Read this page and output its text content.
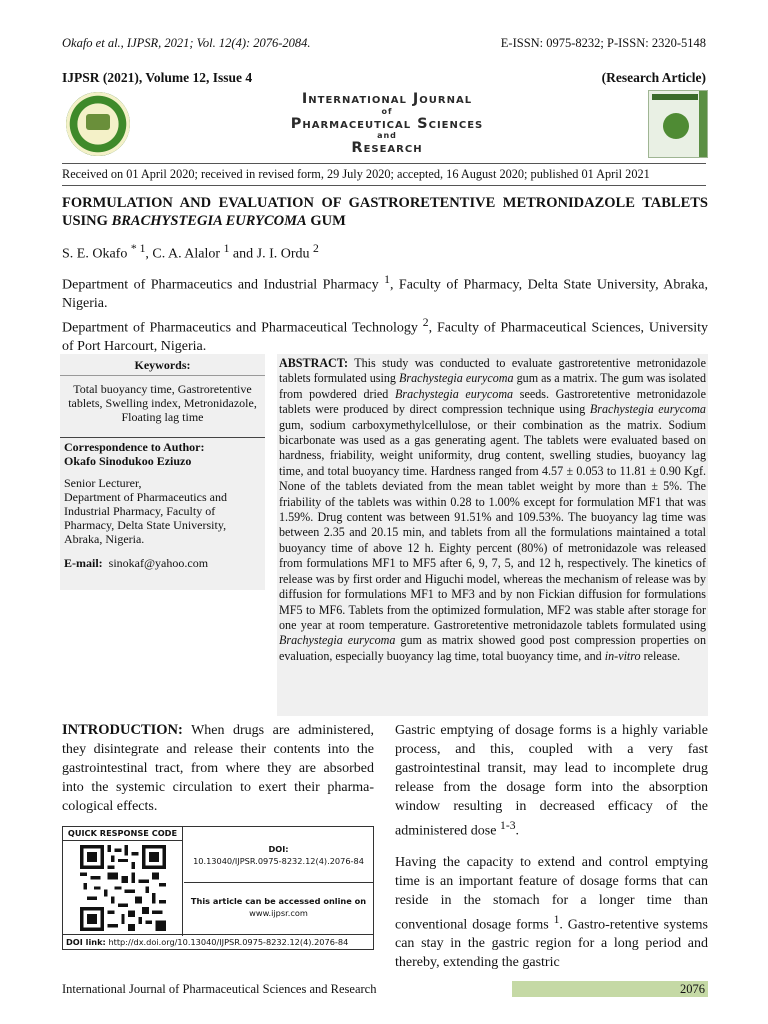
Okafo et al., IJPSR, 2021; Vol. 12(4): 2076-2084.	E-ISSN: 0975-8232; P-ISSN: 2320-5148
IJPSR (2021), Volume 12, Issue 4	(Research Article)
International Journal
of
Pharmaceutical Sciences
and
Research
Received on 01 April 2020; received in revised form, 29 July 2020; accepted, 16 August 2020; published 01 April 2021
FORMULATION AND EVALUATION OF GASTRORETENTIVE METRONIDAZOLE TABLETS USING BRACHYSTEGIA EURYCOMA GUM
S. E. Okafo $^{* 1}$, C. A. Alalor $^1$ and J. I. Ordu $^2$

Department of Pharmaceutics and Industrial Pharmacy $^1$, Faculty of Pharmacy, Delta State University, Abraka, Nigeria.

Department of Pharmaceutics and Pharmaceutical Technology $^2$, Faculty of Pharmaceutical Sciences, University of Port Harcourt, Nigeria.

Keywords:
Total buoyancy time, Gastroretentive tablets, Swelling index, Metronidazole, Floating lag time
Correspondence to Author:
Okafo Sinodukoo Eziuzo
Senior Lecturer,
Department of Pharmaceutics and Industrial Pharmacy, Faculty of Pharmacy, Delta State University, Abraka, Nigeria.
E-mail: sinokaf@yahoo.com
ABSTRACT: This study was conducted to evaluate gastroretentive metronidazole tablets formulated using Brachystegia eurycoma gum as a matrix. The gum was isolated from powdered dried Brachystegia eurycoma seeds. Gastroretentive metronidazole tablets were produced by direct compression technique using Brachystegia eurycoma gum, sodium carboxymethylcellulose, or their combination as the matrix. Sodium bicarbonate was used as a gas generating agent. The tablets were evaluated based on hardness, friability, weight uniformity, drug content, swelling studies, buoyancy lag time, and total buoyancy time. Hardness ranged from 4.57 ± 0.053 to 11.81 ± 0.90 Kgf. None of the tablets deviated from the mean tablet weight by more than ± 5%. The friability of the tablets was within 0.28 to 1.00% except for formulation MF1 that was 1.59%. Drug content was between 91.51% and 109.53%. The buoyancy lag time was between 2.35 and 20.15 min, and tablets from all the formulations maintained a total buoyancy time of above 12 h. Eighty percent (80%) of metronidazole was released from formulations MF1 to MF5 after 6, 9, 7, 5, and 12 h, respectively. The kinetics of release was by first order and Higuchi model, whereas the mechanism of release was by diffusion for formulations MF1 to MF3 and by non Fickian diffusion for formulations MF5 to MF6. Tablets from the optimized formulation, MF2 was stable after storage for one year at room temperature. Gastroretentive metronidazole tablets formulated using Brachystegia eurycoma gum as matrix showed good post compression properties on evaluation, especially buoyancy lag time, total buoyancy time, and in-vitro release.
INTRODUCTION: When drugs are administered, they disintegrate and release their contents into the gastrointestinal tract, from where they are absorbed into the systemic circulation to exert their pharma-cological effects.

Gastric emptying of dosage forms is a highly variable process, and this, coupled with a very fast gastrointestinal transit, may lead to incomplete drug release from the dosage form into the absorption window resulting in decreased efficacy of the administered dose $^{1-3}$.

Having the capacity to extend and control emptying time is an important feature of dosage forms that can reside in the stomach for a longer time than conventional dosage forms $^1$. Gastro-retentive systems can stay in the gastric region for a long period and thereby, extending the gastric

QUICK RESPONSE CODE
DOI:
10.13040/IJPSR.0975-8232.12(4).2076-84
This article can be accessed online on
www.ijpsr.com
DOI link: http://dx.doi.org/10.13040/IJPSR.0975-8232.12(4).2076-84
International Journal of Pharmaceutical Sciences and Research	2076
